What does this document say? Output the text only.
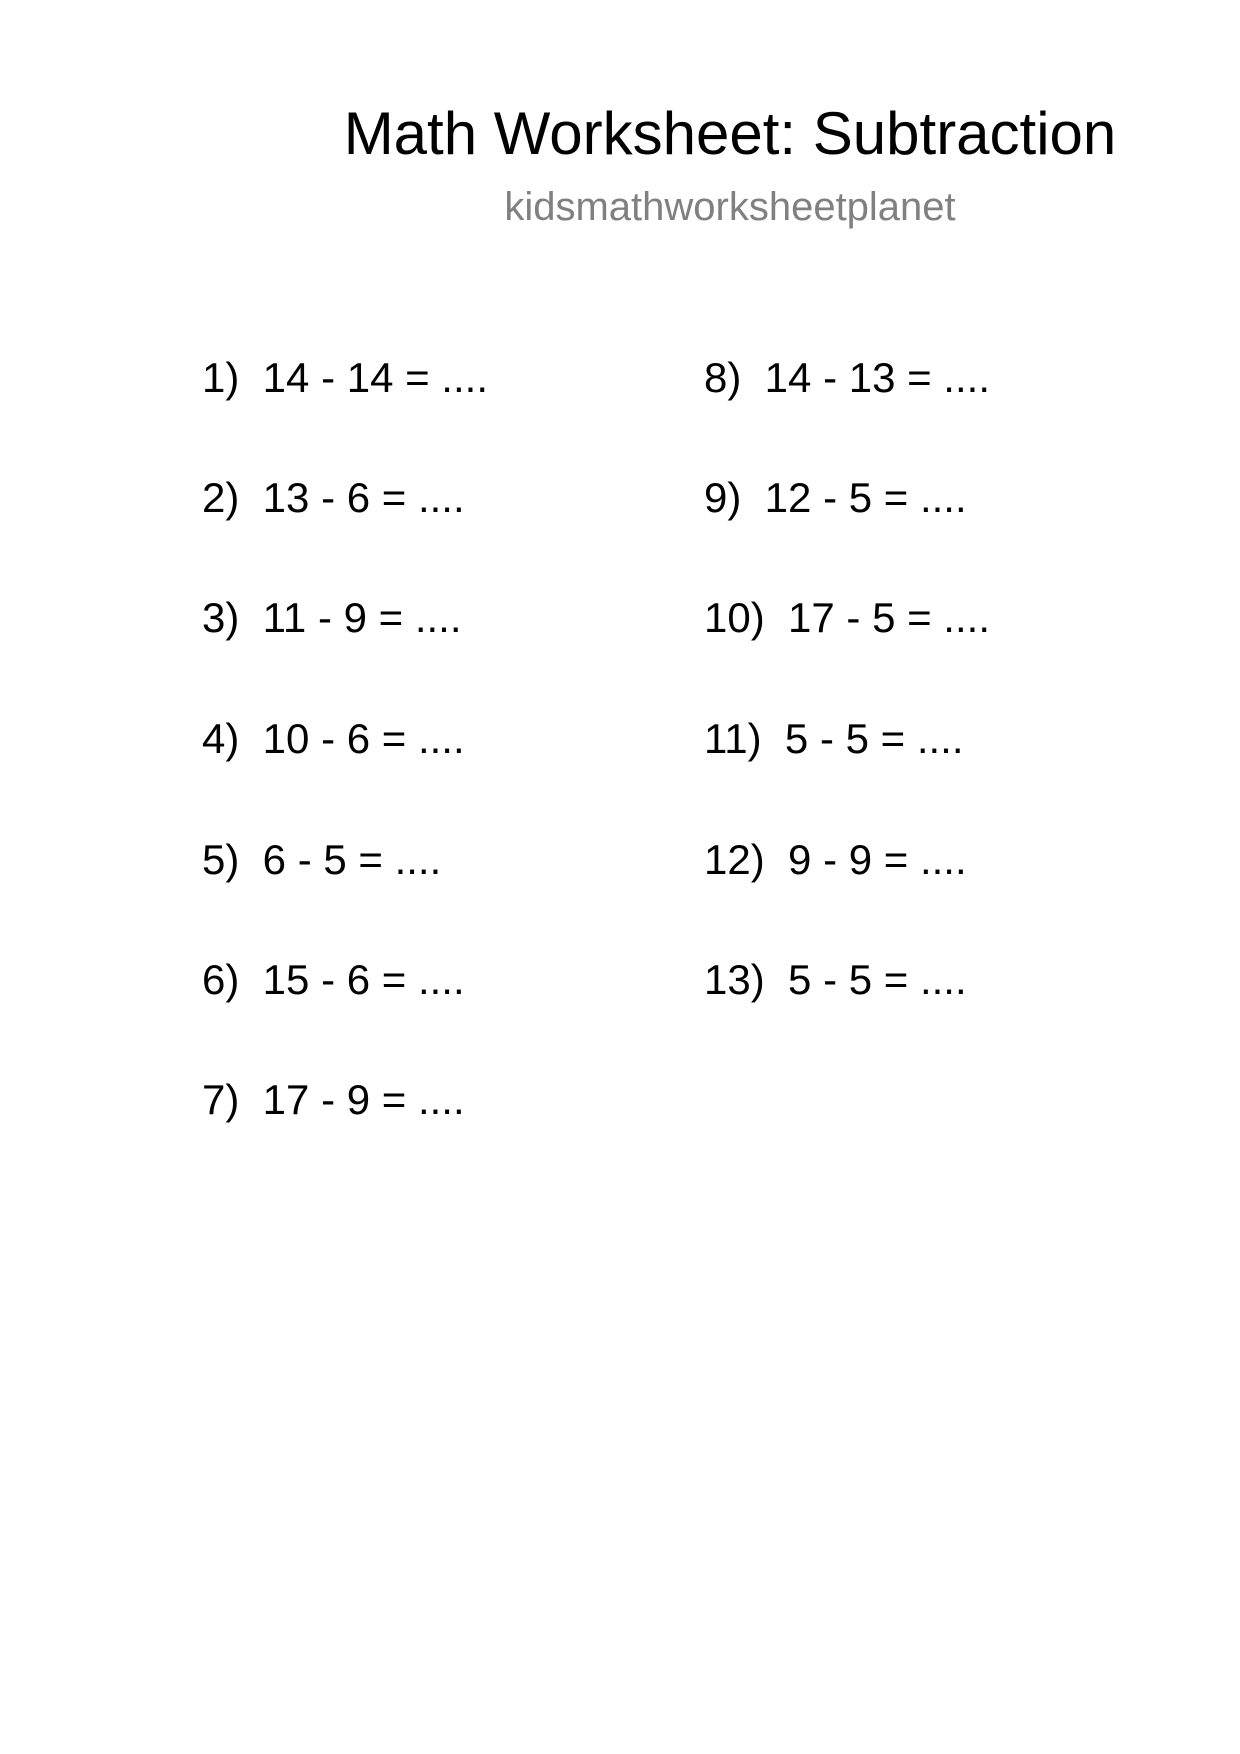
Math Worksheet: Subtraction
kidsmathworksheetplanet
1)  14 - 14 = ....
2)  13 - 6 = ....
3)  11 - 9 = ....
4)  10 - 6 = ....
5)  6 - 5 = ....
6)  15 - 6 = ....
7)  17 - 9 = ....
8)  14 - 13 = ....
9)  12 - 5 = ....
10)  17 - 5 = ....
11)  5 - 5 = ....
12)  9 - 9 = ....
13)  5 - 5 = ....
